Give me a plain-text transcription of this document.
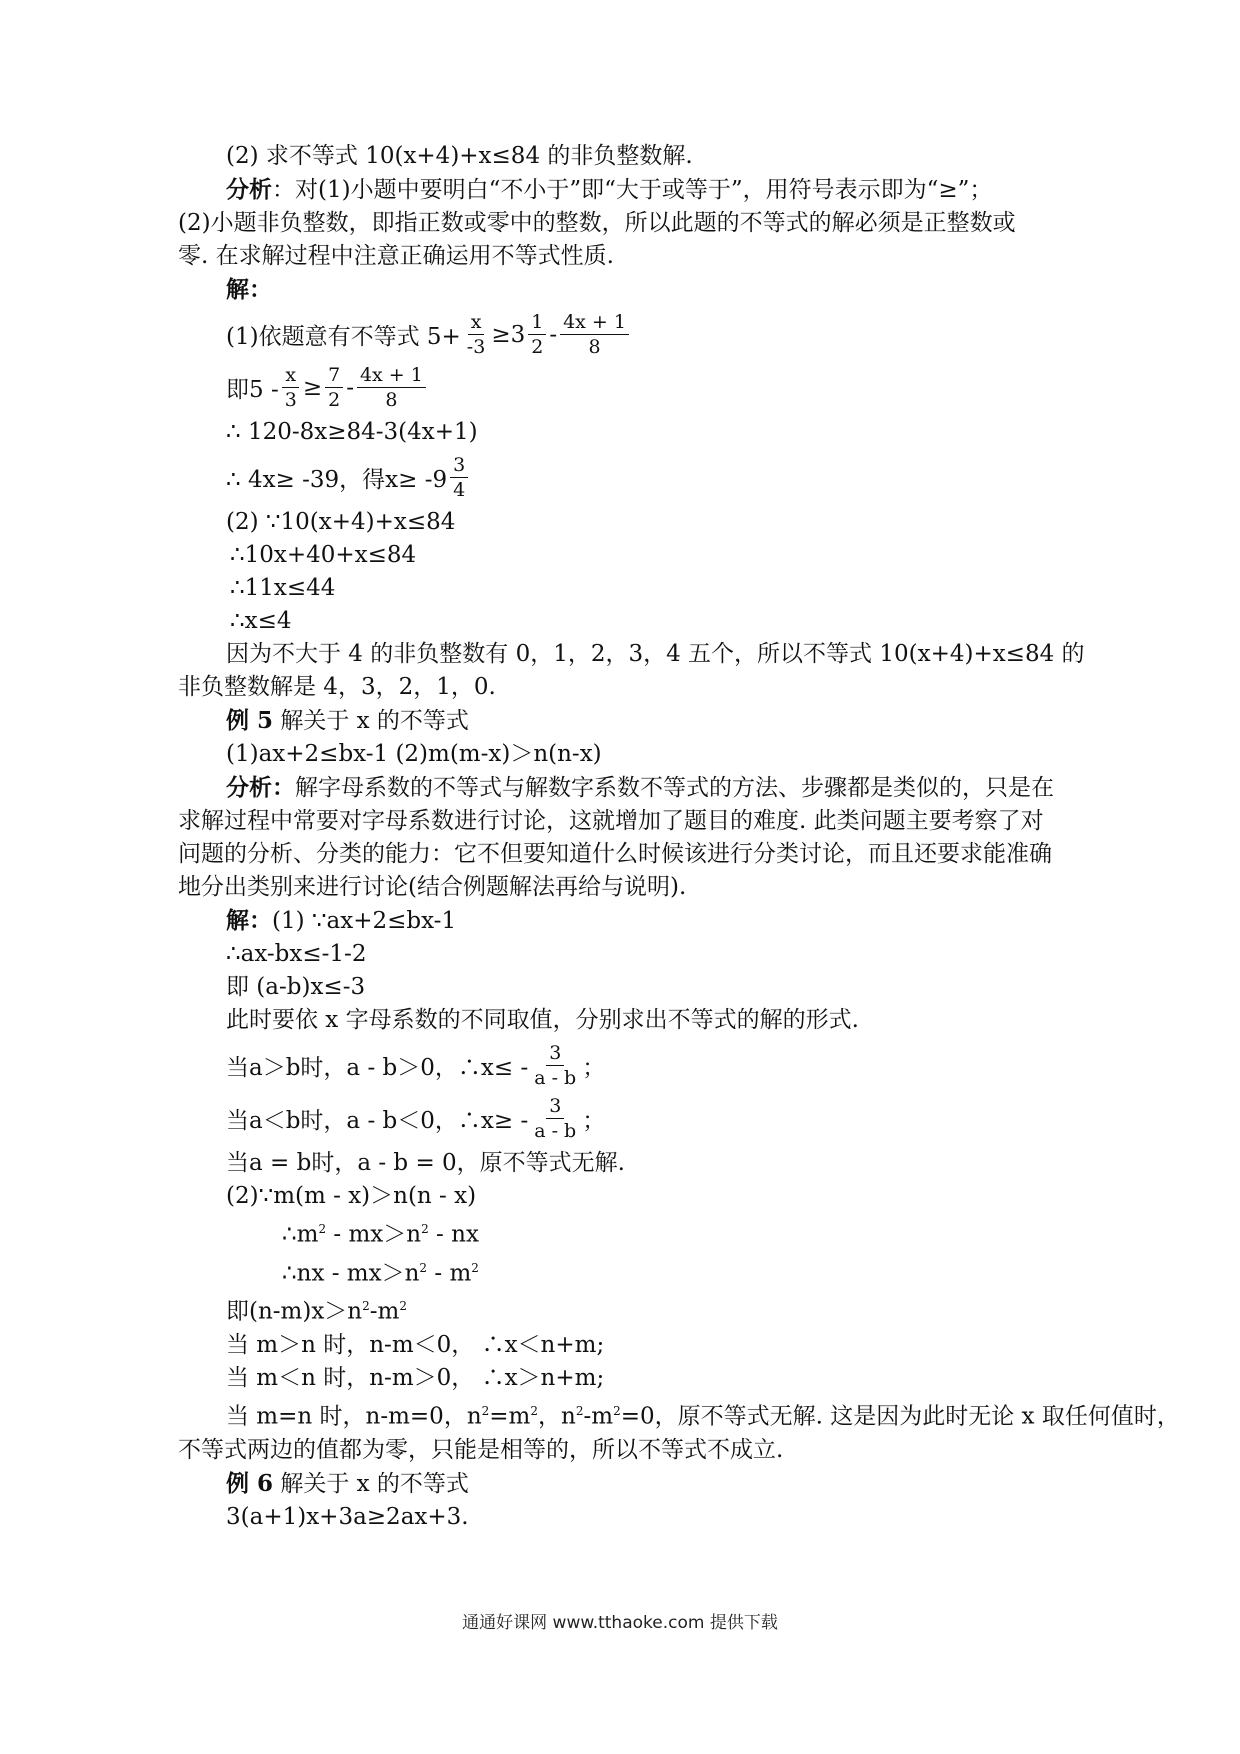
(2) 求不等式 10(x+4)+x≤84 的非负整数解.

分析：对(1)小题中要明白“不小于”即“大于或等于”，用符号表示即为“≥”；

(2)小题非负整数，即指正数或零中的整数，所以此题的不等式的解必须是正整数或

零. 在求解过程中注意正确运用不等式性质.

解：

(1)依题意有不等式 $5+ \frac{x}{-3} \ge 3 \frac{1}{2} - \frac{4x + 1}{8}$
即$5 - \frac{x}{3} \ge \frac{7}{2} - \frac{4x + 1}{8}$

∴ 120-8x≥84-3(4x+1)

∴ 4x≥ -39，得$x\ge -9 \frac{3}{4}$

(2) ∵10(x+4)+x≤84

∴10x+40+x≤84

∴11x≤44

∴x≤4

因为不大于 4 的非负整数有 0，1，2，3，4 五个，所以不等式 10(x+4)+x≤84 的

非负整数解是 4，3，2，1，0.

例 5 解关于 x 的不等式

(1)ax+2≤bx-1 (2)m(m-x)＞n(n-x)

分析：解字母系数的不等式与解数字系数不等式的方法、步骤都是类似的，只是在

求解过程中常要对字母系数进行讨论，这就增加了题目的难度. 此类问题主要考察了对

问题的分析、分类的能力：它不但要知道什么时候该进行分类讨论，而且还要求能准确

地分出类别来进行讨论(结合例题解法再给与说明).

解：(1) ∵ax+2≤bx-1

∴ax-bx≤-1-2

即 (a-b)x≤-3

此时要依 x 字母系数的不同取值，分别求出不等式的解的形式.

当a＞b时，a - b＞0，∴x≤ - $\frac{3}{a - b}$ ；
当a＜b时，a - b＜0，∴x≥ - $\frac{3}{a - b}$ ；

当a = b时，a - b = 0，原不等式无解.

(2)∵m(m - x)＞n(n - x)

$\therefore m^2 - mx>n^2$ - nx

∴nx - $mx>n^2 - m^2$

即$(n-m)x>n^2-m^2$

当 m＞n 时，n-m＜0， ∴x＜n+m;

当 m＜n 时，n-m＞0， ∴x＞n+m;

当 m=n 时，n-m=0，$n^2=m^2$，$n^2-m^2=0$，原不等式无解. 这是因为此时无论 x 取任何值时，

不等式两边的值都为零，只能是相等的，所以不等式不成立.

例 6 解关于 x 的不等式

3(a+1)x+3a≥2ax+3.

通通好课网 www.tthaoke.com 提供下载
